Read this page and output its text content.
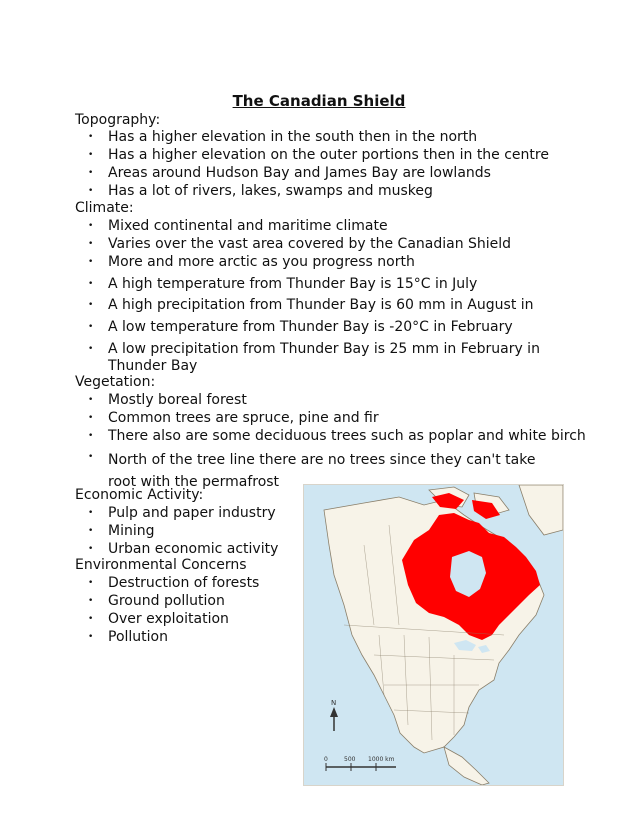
The Canadian Shield
Topography:
• Has a higher elevation in the south then in the north
• Has a higher elevation on the outer portions then in the centre
• Areas around Hudson Bay and James Bay are lowlands
• Has a lot of rivers, lakes, swamps and muskeg
Climate:
• Mixed continental and maritime climate
• Varies over the vast area covered by the Canadian Shield
• More and more arctic as you progress north
• A high temperature from Thunder Bay is 15°C in July
• A high precipitation from Thunder Bay is 60 mm in August in
• A low temperature from Thunder Bay is -20°C in February
• A low precipitation from Thunder Bay is 25 mm in February in Thunder Bay
Vegetation:
• Mostly boreal forest
• Common trees are spruce, pine and fir
• There also are some deciduous trees such as poplar and white birch
• North of the tree line there are no trees since they can't take root with the permafrost
Economic Activity:
• Pulp and paper industry
• Mining
• Urban economic activity
Environmental Concerns
• Destruction of forests
• Ground pollution
• Over exploitation
• Pollution
N
0	500 1000 km
